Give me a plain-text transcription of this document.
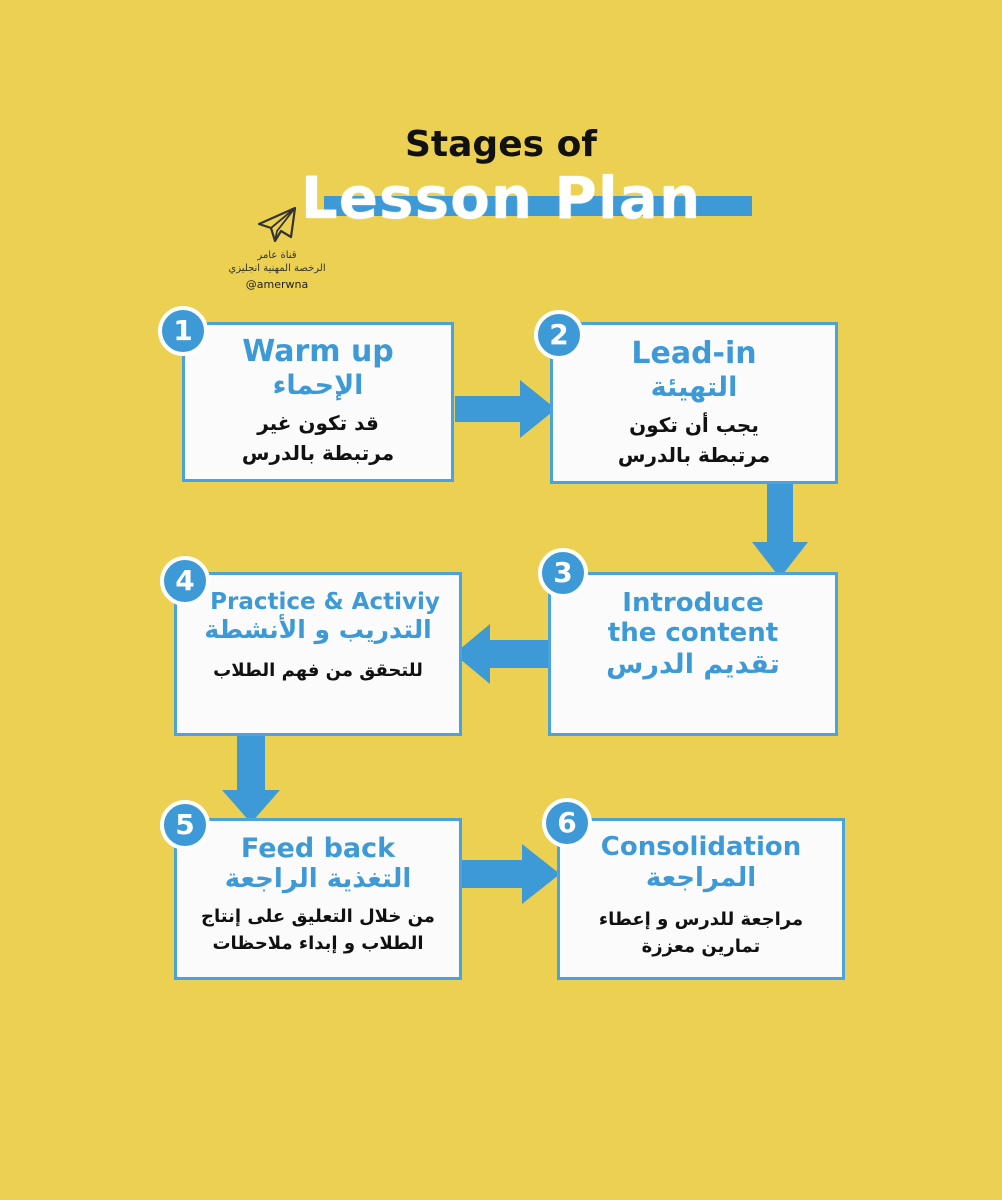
Stages of
Lesson Plan
قناة عامر
الرخصة المهنية انجليزي
@amerwna
Warm up
الإحماء
قد تكون غير
مرتبطة بالدرس
1
Lead-in
التهيئة
يجب أن تكون
مرتبطة بالدرس
2
Introduce
the content
تقديم الدرس
3
Practice & Activiy
التدريب و الأنشطة
للتحقق من فهم الطلاب
4
Feed back
التغذية الراجعة
من خلال التعليق على إنتاج
الطلاب و إبداء ملاحظات
5
Consolidation
المراجعة
مراجعة للدرس و إعطاء
تمارين معززة
6
